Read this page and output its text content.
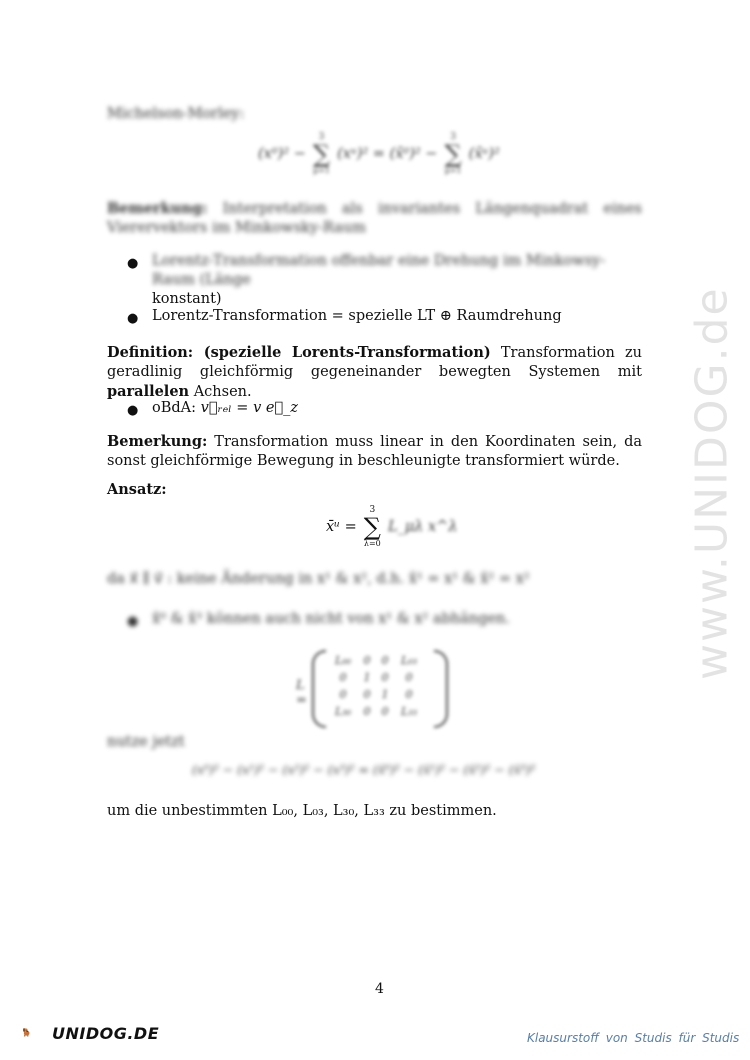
www.UNIDOG.de
Michelson-Morley:
(x⁰)² −
3
∑
μ=1
(xᵘ)² = (x̄⁰)² −
3
∑
μ=1
(x̄ᵘ)²
Bemerkung: Interpretation als invariantes Längenquadrat eines Vierervektors im Minkowsky-Raum
● Lorentz-Transformation offenbar eine Drehung im Minkowsy-Raum (Länge
konstant)
● Lorentz-Transformation = spezielle LT ⊕ Raumdrehung
Definition: (spezielle Lorents-Transformation) Transformation zu geradlinig gleichförmig gegeneinander bewegten Systemen mit parallelen Achsen.
● oBdA: v⃗ᵣₑₗ = v e⃗_z
Bemerkung: Transformation muss linear in den Koordinaten sein, da sonst gleichförmige Bewegung in beschleunigte transformiert würde.
Ansatz:
x̄ᵘ =
3
∑
λ=0
L_μλ x^λ
da x⃗ ∥ v⃗ : keine Änderung in x¹ & x², d.h. x̄¹ = x¹ & x̄² = x²
● x̄⁰ & x̄³ können auch nicht von x¹ & x² abhängen.
L =
L₀₀	0	0	L₀₃
0	1	0	0
0	0	1	0
L₃₀	0	0	L₃₃
nutze jetzt
(x⁰)² − (x¹)² − (x²)² − (x³)² = (x̄⁰)² − (x̄¹)² − (x̄²)² − (x̄³)²
um die unbestimmten L₀₀, L₀₃, L₃₀, L₃₃ zu bestimmen.
4
UNIDOG.DE	Klausurstoff von Studis für Studis
